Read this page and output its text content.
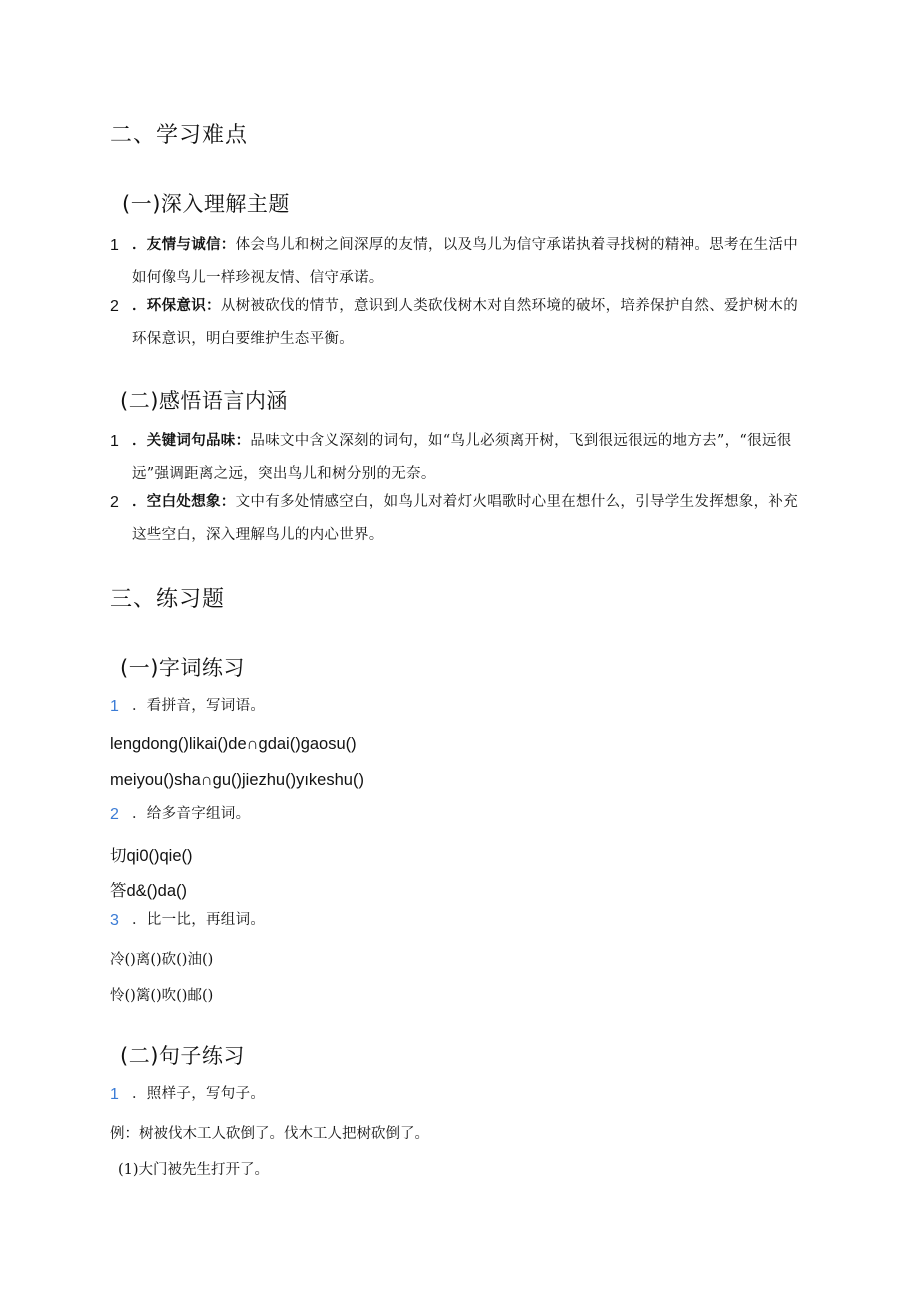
二、学习难点
(一)深入理解主题
1 ．友情与诚信：体会鸟儿和树之间深厚的友情，以及鸟儿为信守承诺执着寻找树的精神。思考在生活中如何像鸟儿一样珍视友情、信守承诺。
2 ．环保意识：从树被砍伐的情节，意识到人类砍伐树木对自然环境的破坏，培养保护自然、爱护树木的环保意识，明白要维护生态平衡。
(二)感悟语言内涵
1 ．关键词句品味：品味文中含义深刻的词句，如“鸟儿必须离开树，飞到很远很远的地方去”，“很远很远”强调距离之远，突出鸟儿和树分别的无奈。
2 ．空白处想象：文中有多处情感空白，如鸟儿对着灯火唱歌时心里在想什么，引导学生发挥想象，补充这些空白，深入理解鸟儿的内心世界。
三、练习题
(一)字词练习
1 ．看拼音，写词语。
lengdong()likai()de∩gdai()gaosu()
meiyou()sha∩gu()jiezhu()yıkeshu()
2 ．给多音字组词。
切qi0()qie()
答d&()da()
3 ．比一比，再组词。
冷()离()砍()油()
怜()篱()吹()邮()
(二)句子练习
1 ．照样子，写句子。
例：树被伐木工人砍倒了。伐木工人把树砍倒了。
(1)大门被先生打开了。
